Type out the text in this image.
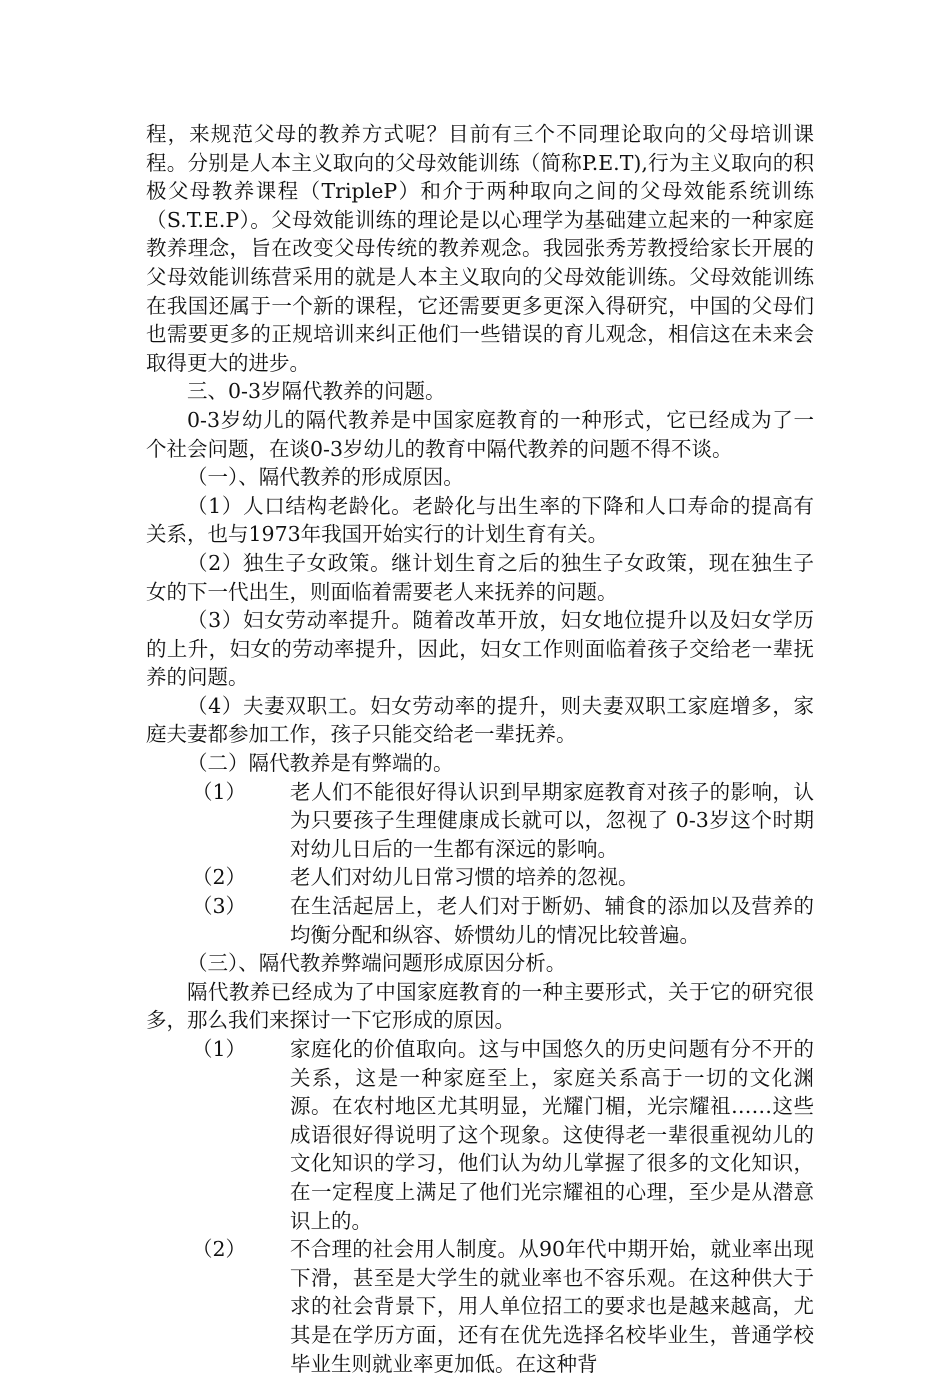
程，来规范父母的教养方式呢？目前有三个不同理论取向的父母培训课程。分别是人本主义取向的父母效能训练（简称P.E.T),行为主义取向的积极父母教养课程（TripleP）和介于两种取向之间的父母效能系统训练（S.T.E.P）。父母效能训练的理论是以心理学为基础建立起来的一种家庭教养理念，旨在改变父母传统的教养观念。我园张秀芳教授给家长开展的父母效能训练营采用的就是人本主义取向的父母效能训练。父母效能训练在我国还属于一个新的课程，它还需要更多更深入得研究，中国的父母们也需要更多的正规培训来纠正他们一些错误的育儿观念，相信这在未来会取得更大的进步。

三、0-3岁隔代教养的问题。

0-3岁幼儿的隔代教养是中国家庭教育的一种形式，它已经成为了一个社会问题，在谈0-3岁幼儿的教育中隔代教养的问题不得不谈。

（一）、隔代教养的形成原因。

（1）人口结构老龄化。老龄化与出生率的下降和人口寿命的提高有关系，也与1973年我国开始实行的计划生育有关。

（2）独生子女政策。继计划生育之后的独生子女政策，现在独生子女的下一代出生，则面临着需要老人来抚养的问题。

（3）妇女劳动率提升。随着改革开放，妇女地位提升以及妇女学历的上升，妇女的劳动率提升，因此，妇女工作则面临着孩子交给老一辈抚养的问题。

（4）夫妻双职工。妇女劳动率的提升，则夫妻双职工家庭增多，家庭夫妻都参加工作，孩子只能交给老一辈抚养。

（二）隔代教养是有弊端的。

（1）	老人们不能很好得认识到早期家庭教育对孩子的影响，认为只要孩子生理健康成长就可以，忽视了 0-3岁这个时期对幼儿日后的一生都有深远的影响。
（2）	老人们对幼儿日常习惯的培养的忽视。
（3）	在生活起居上，老人们对于断奶、辅食的添加以及营养的均衡分配和纵容、娇惯幼儿的情况比较普遍。

（三）、隔代教养弊端问题形成原因分析。

隔代教养已经成为了中国家庭教育的一种主要形式，关于它的研究很多，那么我们来探讨一下它形成的原因。

（1）	家庭化的价值取向。这与中国悠久的历史问题有分不开的关系，这是一种家庭至上，家庭关系高于一切的文化渊源。在农村地区尤其明显，光耀门楣，光宗耀祖……这些成语很好得说明了这个现象。这使得老一辈很重视幼儿的文化知识的学习，他们认为幼儿掌握了很多的文化知识，在一定程度上满足了他们光宗耀祖的心理，至少是从潜意识上的。
（2）	不合理的社会用人制度。从90年代中期开始，就业率出现下滑，甚至是大学生的就业率也不容乐观。在这种供大于求的社会背景下，用人单位招工的要求也是越来越高，尤其是在学历方面，还有在优先选择名校毕业生，普通学校毕业生则就业率更加低。在这种背
